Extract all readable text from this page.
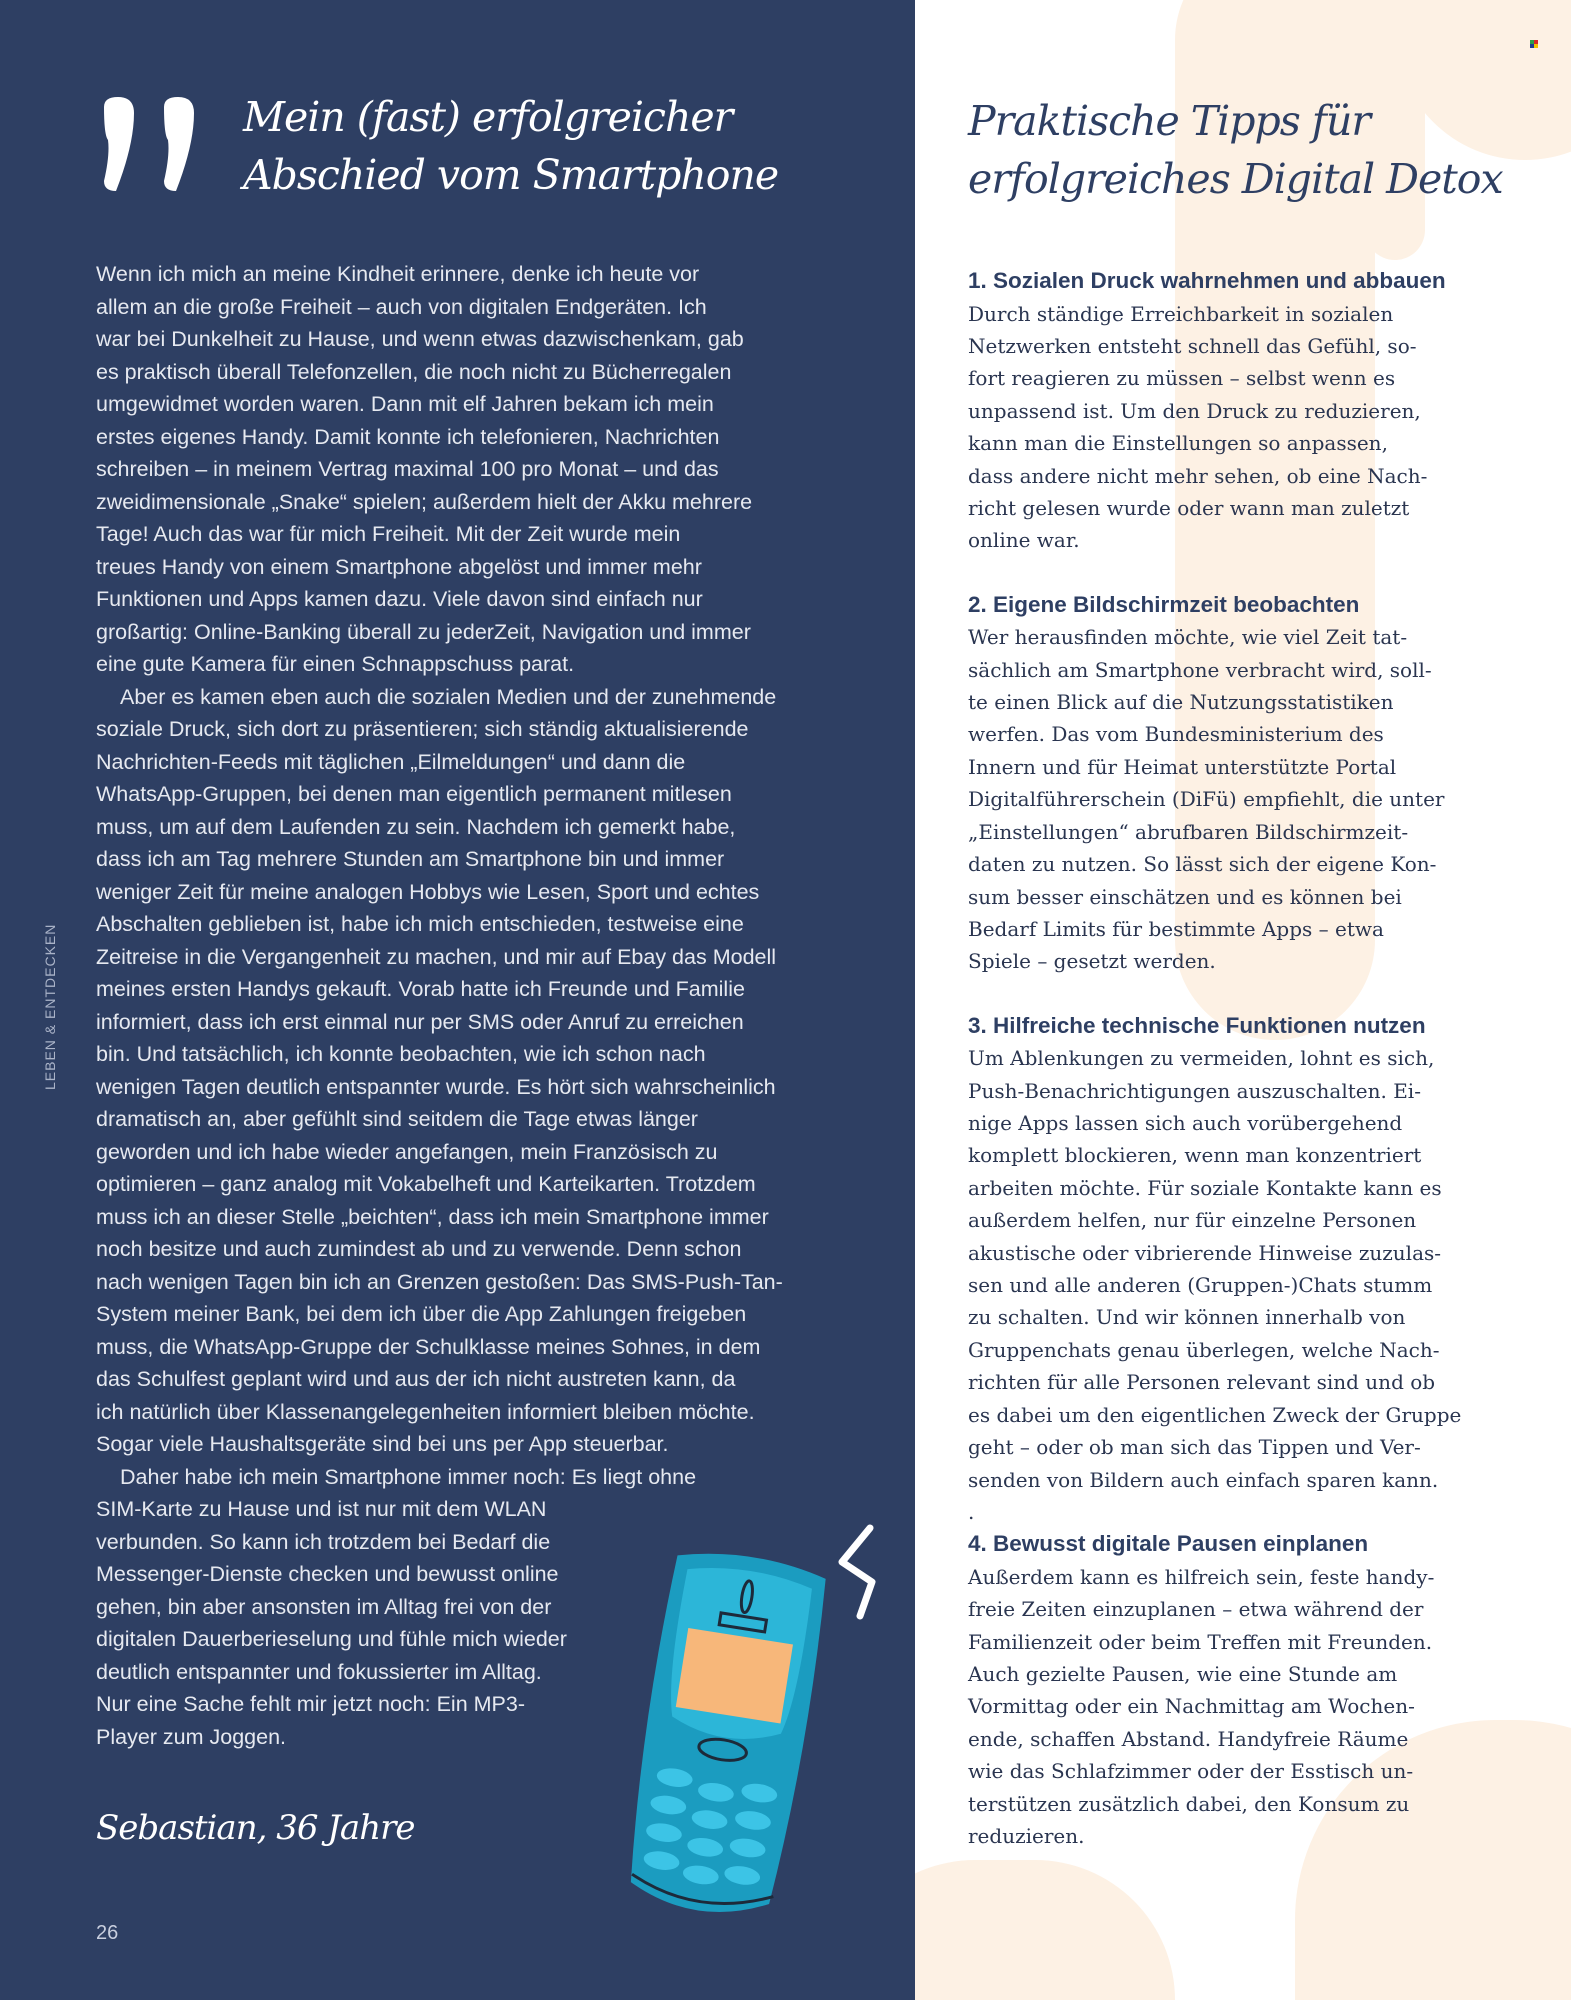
Mein (fast) erfolgreicher
Abschied vom Smartphone
Wenn ich mich an meine Kindheit erinnere, denke ich heute vor
allem an die große Freiheit – auch von digitalen Endgeräten. Ich
war bei Dunkelheit zu Hause, und wenn etwas dazwischenkam, gab
es praktisch überall Telefonzellen, die noch nicht zu Bücherregalen
umgewidmet worden waren. Dann mit elf Jahren bekam ich mein
erstes eigenes Handy. Damit konnte ich telefonieren, Nachrichten
schreiben – in meinem Vertrag maximal 100 pro Monat – und das
zweidimensionale „Snake“ spielen; außerdem hielt der Akku mehrere
Tage! Auch das war für mich Freiheit. Mit der Zeit wurde mein
treues Handy von einem Smartphone abgelöst und immer mehr
Funktionen und Apps kamen dazu. Viele davon sind einfach nur
großartig: Online-Banking überall zu jederZeit, Navigation und immer
eine gute Kamera für einen Schnappschuss parat.
Aber es kamen eben auch die sozialen Medien und der zunehmende
soziale Druck, sich dort zu präsentieren; sich ständig aktualisierende
Nachrichten-Feeds mit täglichen „Eilmeldungen“ und dann die
WhatsApp-Gruppen, bei denen man eigentlich permanent mitlesen
muss, um auf dem Laufenden zu sein. Nachdem ich gemerkt habe,
dass ich am Tag mehrere Stunden am Smartphone bin und immer
weniger Zeit für meine analogen Hobbys wie Lesen, Sport und echtes
Abschalten geblieben ist, habe ich mich entschieden, testweise eine
Zeitreise in die Vergangenheit zu machen, und mir auf Ebay das Modell
meines ersten Handys gekauft. Vorab hatte ich Freunde und Familie
informiert, dass ich erst einmal nur per SMS oder Anruf zu erreichen
bin. Und tatsächlich, ich konnte beobachten, wie ich schon nach
wenigen Tagen deutlich entspannter wurde. Es hört sich wahrscheinlich
dramatisch an, aber gefühlt sind seitdem die Tage etwas länger
geworden und ich habe wieder angefangen, mein Französisch zu
optimieren – ganz analog mit Vokabelheft und Karteikarten. Trotzdem
muss ich an dieser Stelle „beichten“, dass ich mein Smartphone immer
noch besitze und auch zumindest ab und zu verwende. Denn schon
nach wenigen Tagen bin ich an Grenzen gestoßen: Das SMS-Push-Tan-
System meiner Bank, bei dem ich über die App Zahlungen freigeben
muss, die WhatsApp-Gruppe der Schulklasse meines Sohnes, in dem
das Schulfest geplant wird und aus der ich nicht austreten kann, da
ich natürlich über Klassenangelegenheiten informiert bleiben möchte.
Sogar viele Haushaltsgeräte sind bei uns per App steuerbar.
Daher habe ich mein Smartphone immer noch: Es liegt ohne
SIM-Karte zu Hause und ist nur mit dem WLAN
verbunden. So kann ich trotzdem bei Bedarf die
Messenger-Dienste checken und bewusst online
gehen, bin aber ansonsten im Alltag frei von der
digitalen Dauerberieselung und fühle mich wieder
deutlich entspannter und fokussierter im Alltag.
Nur eine Sache fehlt mir jetzt noch: Ein MP3-
Player zum Joggen.
LEBEN & ENTDECKEN
Sebastian, 36 Jahre
26
Praktische Tipps für
erfolgreiches Digital Detox
1. Sozialen Druck wahrnehmen und abbauen
Durch ständige Erreichbarkeit in sozialen
Netzwerken entsteht schnell das Gefühl, so-
fort reagieren zu müssen – selbst wenn es
unpassend ist. Um den Druck zu reduzieren,
kann man die Einstellungen so anpassen,
dass andere nicht mehr sehen, ob eine Nach-
richt gelesen wurde oder wann man zuletzt
online war.
2. Eigene Bildschirmzeit beobachten
Wer herausfinden möchte, wie viel Zeit tat-
sächlich am Smartphone verbracht wird, soll-
te einen Blick auf die Nutzungsstatistiken
werfen. Das vom Bundesministerium des
Innern und für Heimat unterstützte Portal
Digitalführerschein (DiFü) empfiehlt, die unter
„Einstellungen“ abrufbaren Bildschirmzeit-
daten zu nutzen. So lässt sich der eigene Kon-
sum besser einschätzen und es können bei
Bedarf Limits für bestimmte Apps – etwa
Spiele – gesetzt werden.
3. Hilfreiche technische Funktionen nutzen
Um Ablenkungen zu vermeiden, lohnt es sich,
Push-Benachrichtigungen auszuschalten. Ei-
nige Apps lassen sich auch vorübergehend
komplett blockieren, wenn man konzentriert
arbeiten möchte. Für soziale Kontakte kann es
außerdem helfen, nur für einzelne Personen
akustische oder vibrierende Hinweise zuzulas-
sen und alle anderen (Gruppen-)Chats stumm
zu schalten. Und wir können innerhalb von
Gruppenchats genau überlegen, welche Nach-
richten für alle Personen relevant sind und ob
es dabei um den eigentlichen Zweck der Gruppe
geht – oder ob man sich das Tippen und Ver-
senden von Bildern auch einfach sparen kann.
.
4. Bewusst digitale Pausen einplanen
Außerdem kann es hilfreich sein, feste handy-
freie Zeiten einzuplanen – etwa während der
Familienzeit oder beim Treffen mit Freunden.
Auch gezielte Pausen, wie eine Stunde am
Vormittag oder ein Nachmittag am Wochen-
ende, schaffen Abstand. Handyfreie Räume
wie das Schlafzimmer oder der Esstisch un-
terstützen zusätzlich dabei, den Konsum zu
reduzieren.
